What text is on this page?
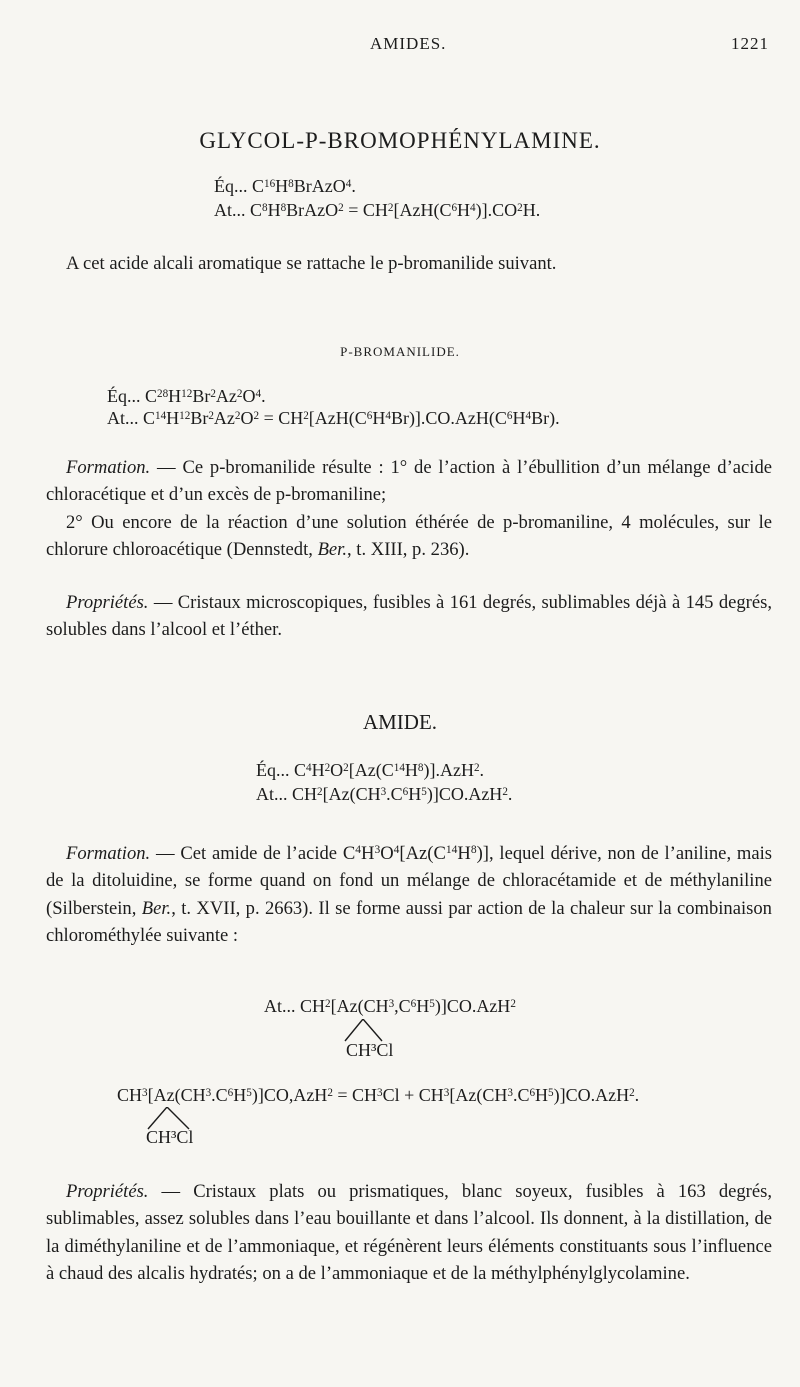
AMIDES.	1221
GLYCOL-P-BROMOPHÉNYLAMINE.
Éq... $C^{16}H^8BrAzO^4$.
At... $C^8H^8BrAzO^2 = CH^2[AzH(C^6H^4)].CO^2H$.

A cet acide alcali aromatique se rattache le p-bromanilide suivant.

P-BROMANILIDE.
Éq... $C^{28}H^{12}Br^2Az^2O^4$.
At... $C^{14}H^{12}Br^2Az^2O^2 = CH^2[AzH(C^6H^4Br)].CO.AzH(C^6H^4Br)$.

Formation. — Ce p-bromanilide résulte : 1° de l’action à l’ébullition d’un mélange d’acide chloracétique et d’un excès de p-bromaniline;

2° Ou encore de la réaction d’une solution éthérée de p-bromaniline, 4 molécules, sur le chlorure chloroacétique (Dennstedt, Ber., t. XIII, p. 236).

Propriétés. — Cristaux microscopiques, fusibles à 161 degrés, sublimables déjà à 145 degrés, solubles dans l’alcool et l’éther.

AMIDE.
Éq... $C^4H^2O^2[Az(C^{14}H^8)].AzH^2$.
At... $CH^2[Az(CH^3.C^6H^5)]CO.AzH^2$.

Formation. — Cet amide de l’acide $C^4H^3O^4[Az(C^{14}H^8)]$, lequel dérive, non de l’aniline, mais de la ditoluidine, se forme quand on fond un mélange de chloracétamide et de méthylaniline (Silberstein, Ber., t. XVII, p. 2663). Il se forme aussi par action de la chaleur sur la combinaison chlorométhylée suivante :

At... $CH^2[Az(CH^3,C^6H^5)]CO.AzH^2$
CH³Cl
$CH^3[Az(CH^3.C^6H^5)]CO,AzH^2 = CH^3Cl + CH^3[Az(CH^3.C^6H^5)]CO.AzH^2$.
CH³Cl

Propriétés. — Cristaux plats ou prismatiques, blanc soyeux, fusibles à 163 degrés, sublimables, assez solubles dans l’eau bouillante et dans l’alcool. Ils donnent, à la distillation, de la diméthylaniline et de l’ammoniaque, et régénèrent leurs éléments constituants sous l’influence à chaud des alcalis hydratés; on a de l’ammoniaque et de la méthylphénylglycolamine.
